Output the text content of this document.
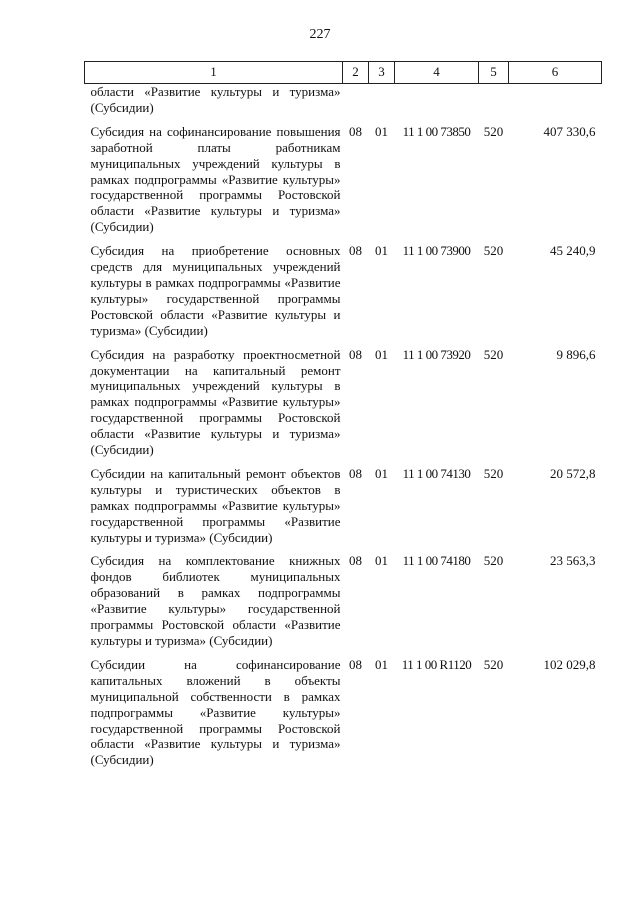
227
1	2	3	4	5	6
области «Развитие культуры и туризма» (Субсидии)					
Субсидия на софинансирование повышения заработной платы работникам муниципальных учреждений культуры в рамках подпрограммы «Развитие культуры» государственной программы Ростовской области «Развитие культуры и туризма» (Субсидии)	08	01	11 1 00 73850	520	407 330,6
Субсидия на приобретение основных средств для муниципальных учреждений культуры в рамках подпрограммы «Развитие культуры» государственной программы Ростовской области «Развитие культуры и туризма» (Субсидии)	08	01	11 1 00 73900	520	45 240,9
Субсидия на разработку проектносметной документации на капитальный ремонт муниципальных учреждений культуры в рамках подпрограммы «Развитие культуры» государственной программы Ростовской области «Развитие культуры и туризма» (Субсидии)	08	01	11 1 00 73920	520	9 896,6
Субсидии на капитальный ремонт объектов культуры и туристических объектов в рамках подпрограммы «Развитие культуры» государственной программы «Развитие культуры и туризма» (Субсидии)	08	01	11 1 00 74130	520	20 572,8
Субсидия на комплектование книжных фондов библиотек муниципальных образований в рамках подпрограммы «Развитие культуры» государственной программы Ростовской области «Развитие культуры и туризма» (Субсидии)	08	01	11 1 00 74180	520	23 563,3
Субсидии на софинансирование капитальных вложений в объекты муниципальной собственности в рамках подпрограммы «Развитие культуры» государственной программы Ростовской области «Развитие культуры и туризма» (Субсидии)	08	01	11 1 00 R1120	520	102 029,8
